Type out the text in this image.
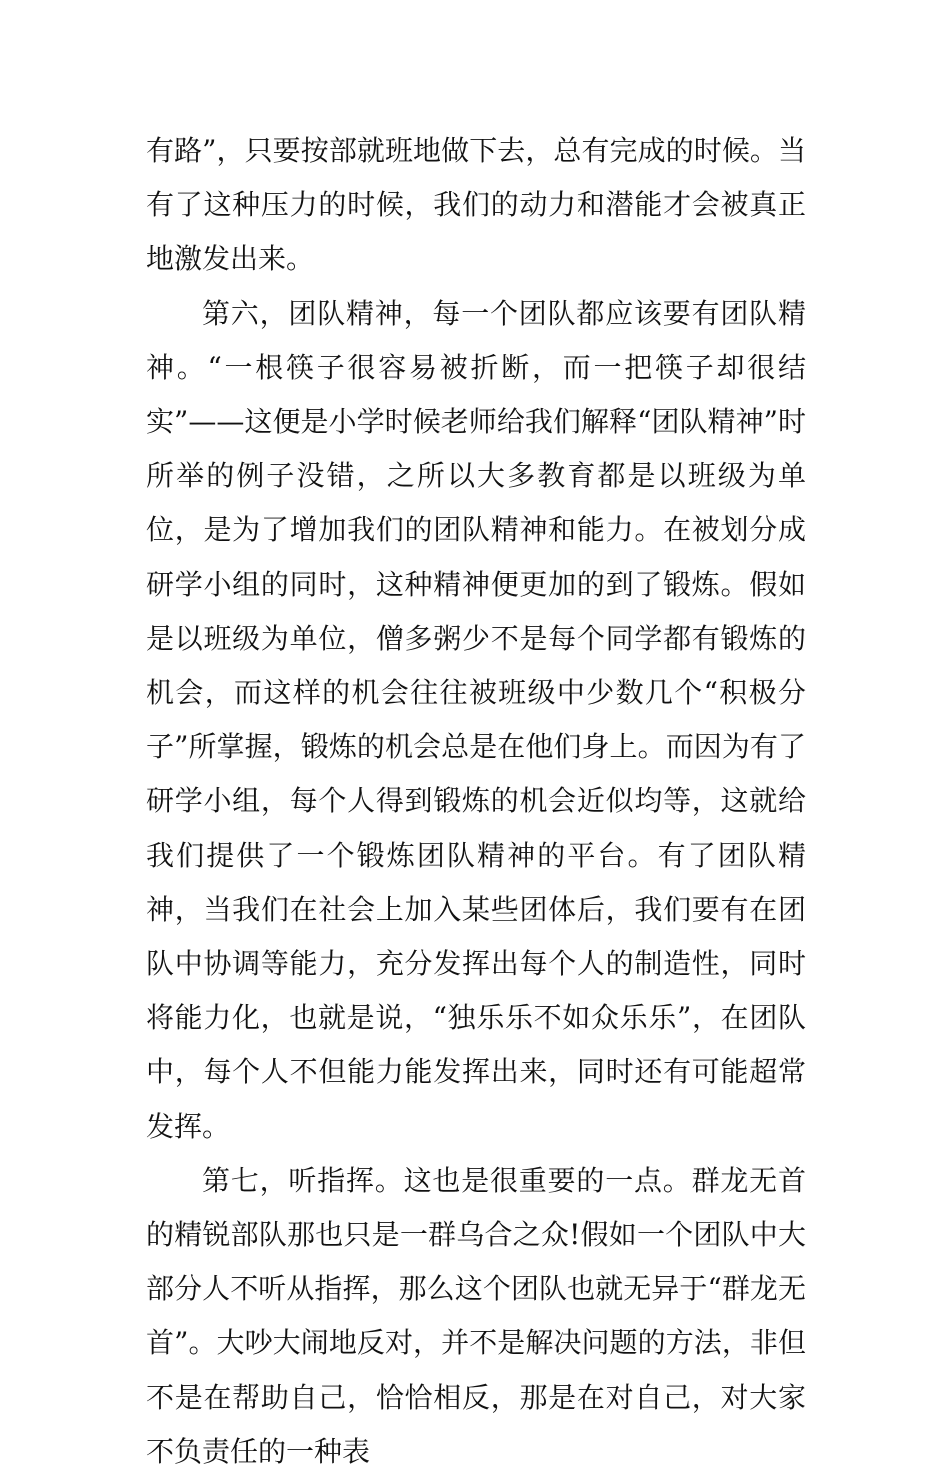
有路”，只要按部就班地做下去，总有完成的时候。当有了这种压力的时候，我们的动力和潜能才会被真正地激发出来。

第六，团队精神，每一个团队都应该要有团队精神。“一根筷子很容易被折断，而一把筷子却很结实”——这便是小学时候老师给我们解释“团队精神”时所举的例子没错，之所以大多教育都是以班级为单位，是为了增加我们的团队精神和能力。在被划分成研学小组的同时，这种精神便更加的到了锻炼。假如是以班级为单位，僧多粥少不是每个同学都有锻炼的机会，而这样的机会往往被班级中少数几个“积极分子”所掌握，锻炼的机会总是在他们身上。而因为有了研学小组，每个人得到锻炼的机会近似均等，这就给我们提供了一个锻炼团队精神的平台。有了团队精神，当我们在社会上加入某些团体后，我们要有在团队中协调等能力，充分发挥出每个人的制造性，同时将能力化，也就是说，“独乐乐不如众乐乐”，在团队中，每个人不但能力能发挥出来，同时还有可能超常发挥。

第七，听指挥。这也是很重要的一点。群龙无首的精锐部队那也只是一群乌合之众!假如一个团队中大部分人不听从指挥，那么这个团队也就无异于“群龙无首”。大吵大闹地反对，并不是解决问题的方法，非但不是在帮助自己，恰恰相反，那是在对自己，对大家不负责任的一种表
